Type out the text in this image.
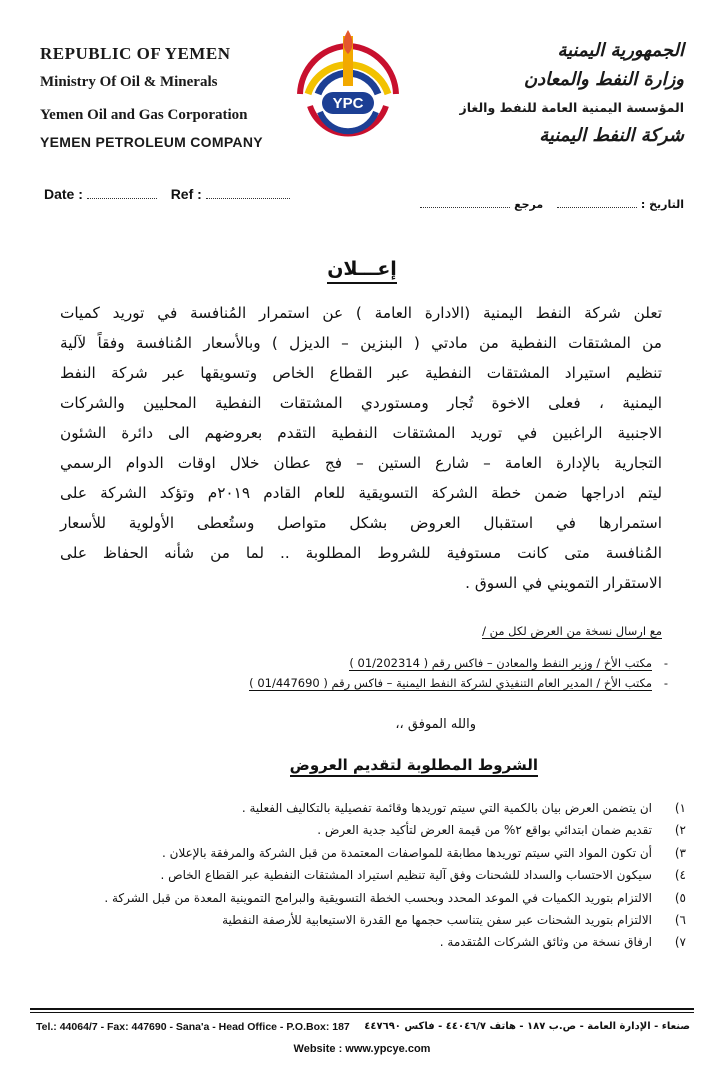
REPUBLIC OF YEMEN
Ministry Of Oil & Minerals
Yemen Oil and Gas Corporation
YEMEN PETROLEUM COMPANY
YPC
الجمهورية اليمنية
وزارة النفط والمعادن
المؤسسة اليمنية العامة للنفط والغاز
شركة النفط اليمنية
Date :	Ref :
التاريخ :  مرجع
إعـــلان
تعلن شركة النفط اليمنية (الادارة العامة ) عن استمرار المُنافسة في توريد كميات
من المشتقات النفطية من مادتي ( البنزين – الديزل ) وبالأسعار المُنافسة وفقاً لآلية
تنظيم استيراد المشتقات النفطية عبر القطاع الخاص وتسويقها عبر شركة النفط
اليمنية ، فعلى الاخوة تُجار ومستوردي المشتقات النفطية المحليين والشركات
الاجنبية الراغبين في توريد المشتقات النفطية التقدم بعروضهم الى دائرة الشئون
التجارية بالإدارة العامة – شارع الستين – فج عطان خلال اوقات الدوام الرسمي
ليتم ادراجها ضمن خطة الشركة التسويقية للعام القادم ٢٠١٩م وتؤكد الشركة على
استمرارها في استقبال العروض بشكل متواصل وستُعطى الأولوية للأسعار
المُنافسة متى كانت مستوفية للشروط المطلوبة .. لما من شأنه الحفاظ على
الاستقرار التمويني في السوق .
مع ارسال نسخة من العرض لكل من /
-مكتب الأخ / وزير النفط والمعادن – فاكس رقم ( 01/202314 )
-مكتب الأخ / المدير العام التنفيذي لشركة النفط اليمنية – فاكس رقم ( 01/447690 )
والله الموفق ،،
الشروط المطلوبة لتقديم العروض
١)ان يتضمن العرض بيان بالكمية التي سيتم توريدها وقائمة تفصيلية بالتكاليف الفعلية .
٢)تقديم ضمان ابتدائي بواقع ٢% من قيمة العرض لتأكيد جدية العرض .
٣)أن تكون المواد التي سيتم توريدها مطابقة للمواصفات المعتمدة من قبل الشركة والمرفقة بالإعلان .
٤)سيكون الاحتساب والسداد للشحنات وفق آلية تنظيم استيراد المشتقات النفطية عبر القطاع الخاص .
٥)الالتزام بتوريد الكميات في الموعد المحدد وبحسب الخطة التسويقية والبرامج التموينية المعدة من قبل الشركة .
٦)الالتزام بتوريد الشحنات عبر سفن يتناسب حجمها مع القدرة الاستيعابية للأرصفة النفطية
٧)ارفاق نسخة من وثائق الشركات المُتقدمة .
Tel.: 44064/7 - Fax: 447690 - Sana'a - Head Office - P.O.Box: 187 صنعاء - الإدارة العامة - ص.ب ١٨٧ - هاتف ٤٤٠٤٦/٧ - فاكس ٤٤٧٦٩٠
Website : www.ypcye.com
